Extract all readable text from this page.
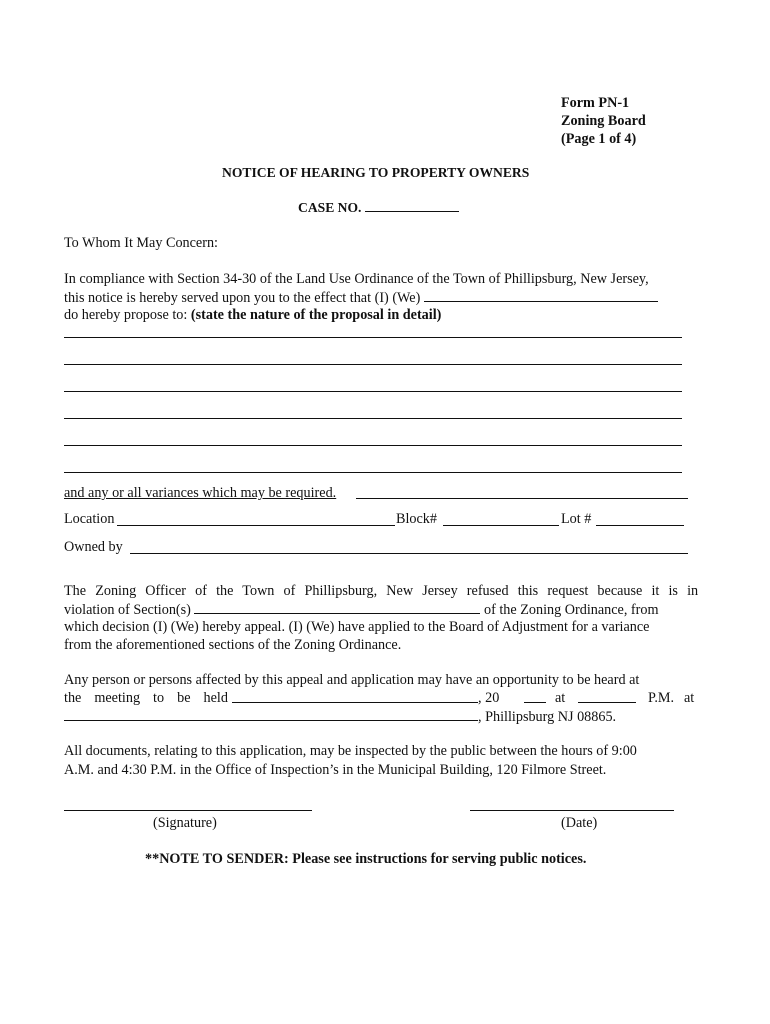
Form PN-1
Zoning Board
(Page 1 of 4)
NOTICE OF HEARING TO PROPERTY OWNERS
CASE NO.
To Whom It May Concern:
In compliance with Section 34-30 of the Land Use Ordinance of the Town of Phillipsburg, New Jersey,
this notice is hereby served upon you to the effect that (I) (We)
do hereby propose to: (state the nature of the proposal in detail)
and any or all variances which may be required.
Location	Block#	Lot #
Owned by
The Zoning Officer of the Town of Phillipsburg, New Jersey refused this request because it is in
violation of Section(s)	of the Zoning Ordinance, from
which decision (I) (We) hereby appeal. (I) (We) have applied to the Board of Adjustment for a variance
from the aforementioned sections of the Zoning Ordinance.
Any person or persons affected by this appeal and application may have an opportunity to be heard at
the meeting to be held	, 20	at	P.M. at
, Phillipsburg NJ 08865.
All documents, relating to this application, may be inspected by the public between the hours of 9:00
A.M. and 4:30 P.M. in the Office of Inspection’s in the Municipal Building, 120 Filmore Street.
(Signature)	(Date)
**NOTE TO SENDER: Please see instructions for serving public notices.
